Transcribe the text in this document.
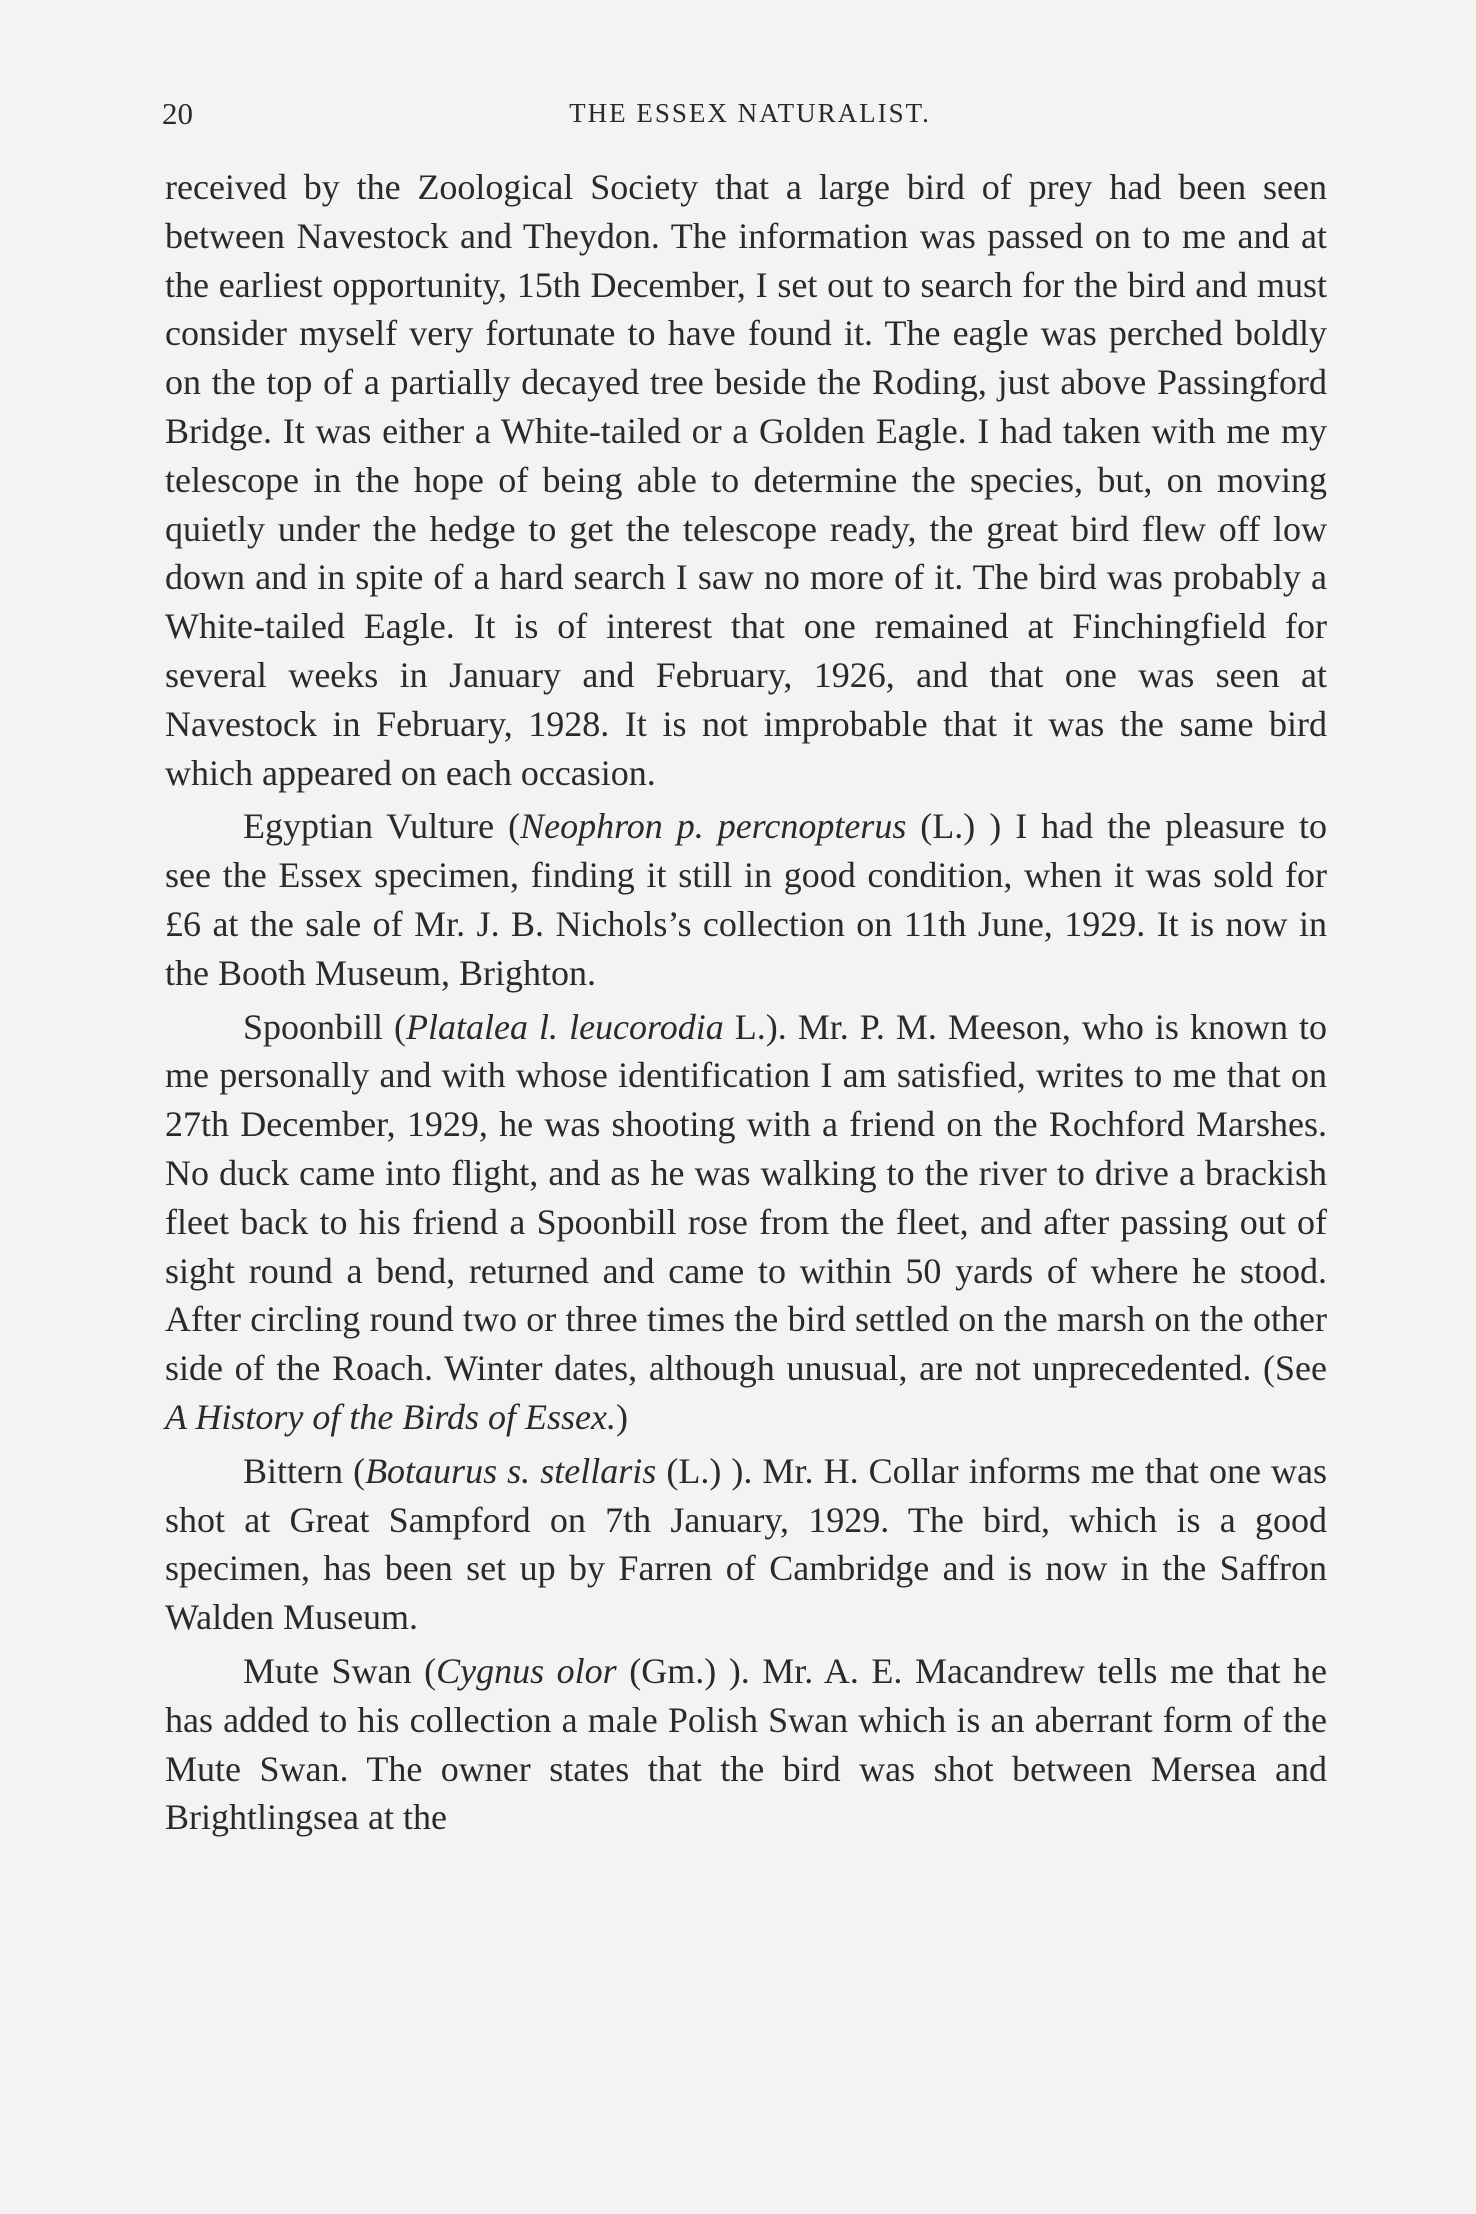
20	THE ESSEX NATURALIST.

received by the Zoological Society that a large bird of prey had been seen between Navestock and Theydon. The information was passed on to me and at the earliest opportunity, 15th December, I set out to search for the bird and must consider myself very fortunate to have found it. The eagle was perched boldly on the top of a partially decayed tree beside the Roding, just above Passingford Bridge. It was either a White-tailed or a Golden Eagle. I had taken with me my telescope in the hope of being able to determine the species, but, on moving quietly under the hedge to get the telescope ready, the great bird flew off low down and in spite of a hard search I saw no more of it. The bird was probably a White-tailed Eagle. It is of interest that one remained at Finchingfield for several weeks in January and February, 1926, and that one was seen at Navestock in February, 1928. It is not improbable that it was the same bird which appeared on each occasion.

Egyptian Vulture (Neophron p. percnopterus (L.) ) I had the pleasure to see the Essex specimen, finding it still in good condition, when it was sold for £6 at the sale of Mr. J. B. Nichols’s collection on 11th June, 1929. It is now in the Booth Museum, Brighton.

Spoonbill (Platalea l. leucorodia L.). Mr. P. M. Meeson, who is known to me personally and with whose identification I am satisfied, writes to me that on 27th December, 1929, he was shooting with a friend on the Rochford Marshes. No duck came into flight, and as he was walking to the river to drive a brackish fleet back to his friend a Spoonbill rose from the fleet, and after passing out of sight round a bend, returned and came to within 50 yards of where he stood. After circling round two or three times the bird settled on the marsh on the other side of the Roach. Winter dates, although unusual, are not unprecedented. (See A History of the Birds of Essex.)

Bittern (Botaurus s. stellaris (L.) ). Mr. H. Collar informs me that one was shot at Great Sampford on 7th January, 1929. The bird, which is a good specimen, has been set up by Farren of Cambridge and is now in the Saffron Walden Museum.

Mute Swan (Cygnus olor (Gm.) ). Mr. A. E. Macandrew tells me that he has added to his collection a male Polish Swan which is an aberrant form of the Mute Swan. The owner states that the bird was shot between Mersea and Brightlingsea at the
